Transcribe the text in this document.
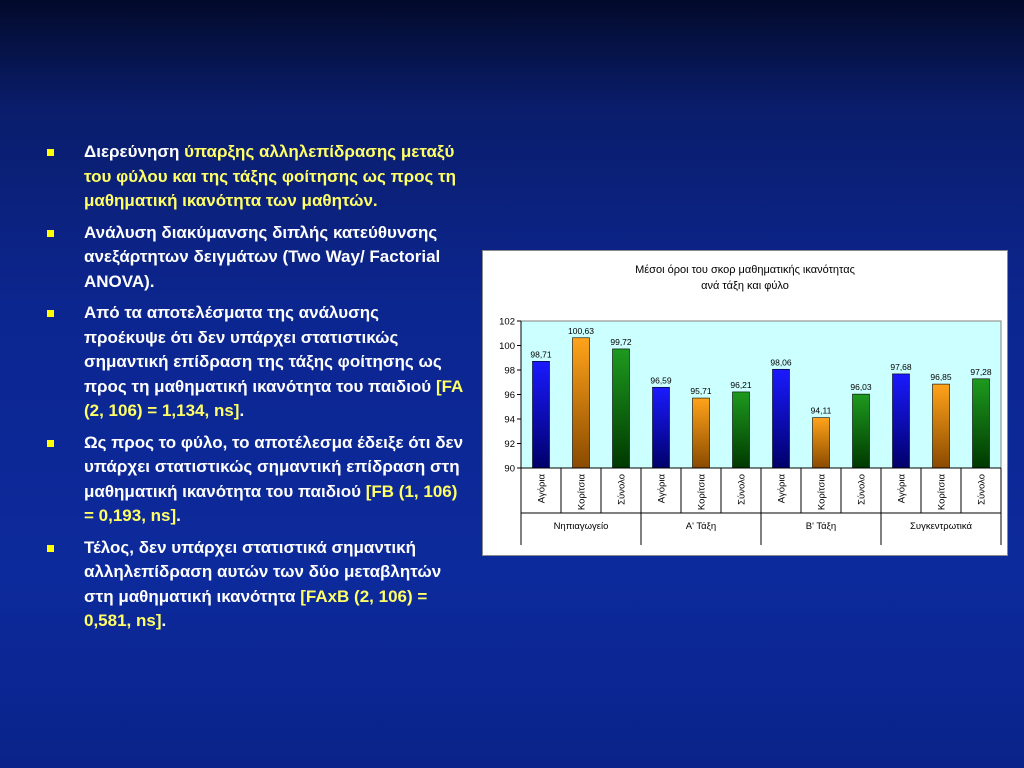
Διερεύνηση ύπαρξης αλληλεπίδρασης μεταξύ του φύλου και της τάξης φοίτησης ως προς τη μαθηματική ικανότητα των μαθητών.
Ανάλυση διακύμανσης διπλής κατεύθυνσης ανεξάρτητων δειγμάτων (Two Way/ Factorial ANOVA).
Από τα αποτελέσματα της ανάλυσης προέκυψε ότι δεν υπάρχει στατιστικώς σημαντική επίδραση της τάξης φοίτησης ως προς τη μαθηματική ικανότητα του παιδιού [FA (2, 106) = 1,134, ns].
Ως προς το φύλο, το αποτέλεσμα έδειξε ότι δεν υπάρχει στατιστικώς σημαντική επίδραση στη μαθηματική ικανότητα του παιδιού [FB (1, 106) = 0,193, ns].
Τέλος, δεν υπάρχει στατιστικά σημαντική αλληλεπίδραση αυτών των δύο μεταβλητών στη μαθηματική ικανότητα [FAxB (2, 106) = 0,581, ns].
Μέσοι όροι του σκορ μαθηματικής ικανότητας
ανά τάξη και φύλο
90
92
94
96
98
100
102
98,71
100,63
99,72
96,59
95,71
96,21
98,06
94,11
96,03
97,68
96,85
97,28
Αγόρια	Κορίτσια	Σύνολο	Αγόρια	Κορίτσια	Σύνολο	Αγόρια	Κορίτσια	Σύνολο	Αγόρια	Κορίτσια	Σύνολο
Νηπιαγωγείο	Α' Τάξη	Β' Τάξη	Συγκεντρωτικά
